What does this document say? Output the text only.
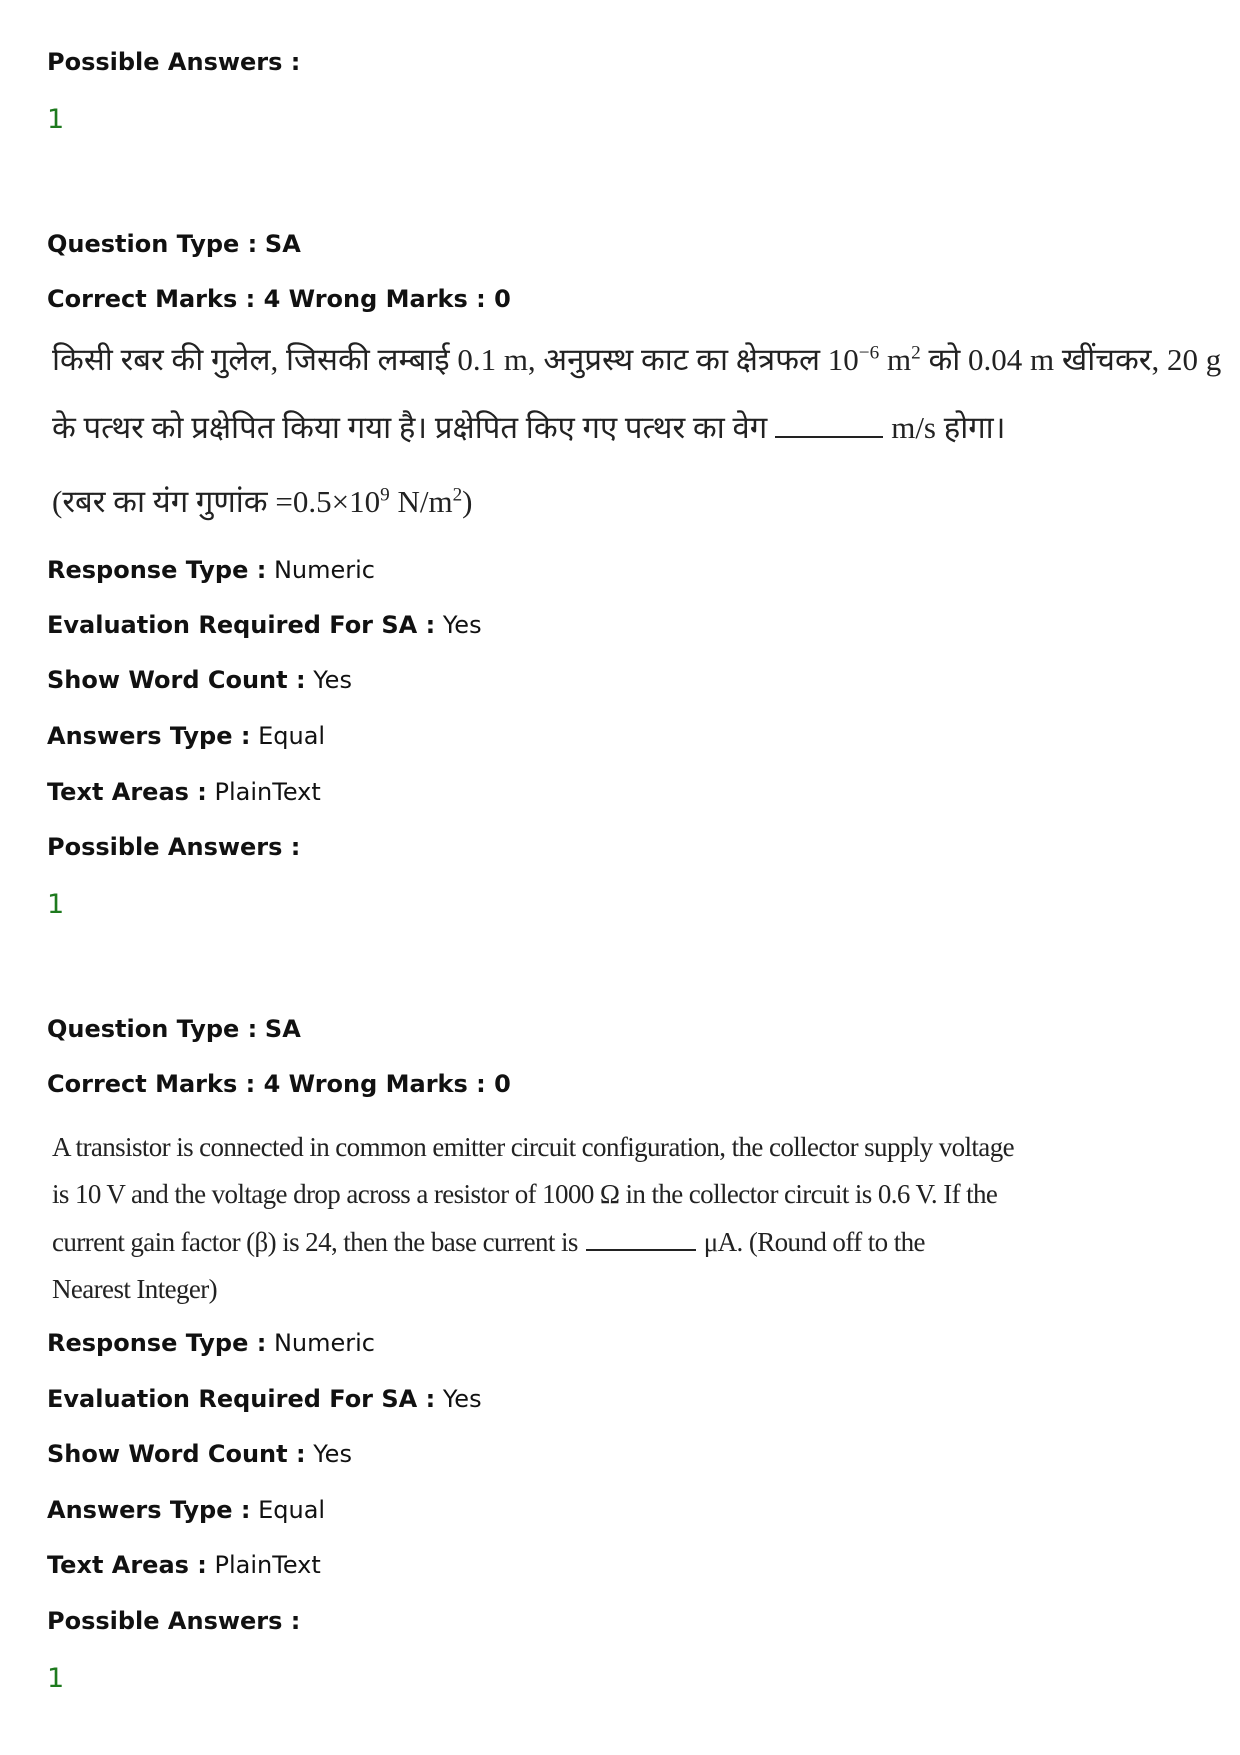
Possible Answers :
1
Question Type : SA
Correct Marks : 4 Wrong Marks : 0
किसी रबर की गुलेल, जिसकी लम्बाई 0.1 m, अनुप्रस्थ काट का क्षेत्रफल $10^{-6}$ $m^2$ को 0.04 m खींचकर, 20 g
के पत्थर को प्रक्षेपित किया गया है। प्रक्षेपित किए गए पत्थर का वेग	m/s होगा।
(रबर का यंग गुणांक $=0.5\times 10^9$ $N/m^2$)
Response Type : Numeric
Evaluation Required For SA : Yes
Show Word Count : Yes
Answers Type : Equal
Text Areas : PlainText
Possible Answers :
1
Question Type : SA
Correct Marks : 4 Wrong Marks : 0
A transistor is connected in common emitter circuit configuration, the collector supply voltage
is 10 V and the voltage drop across a resistor of 1000 Ω in the collector circuit is 0.6 V. If the
current gain factor (β) is 24, then the base current is	μA. (Round off to the
Nearest Integer)
Response Type : Numeric
Evaluation Required For SA : Yes
Show Word Count : Yes
Answers Type : Equal
Text Areas : PlainText
Possible Answers :
1
